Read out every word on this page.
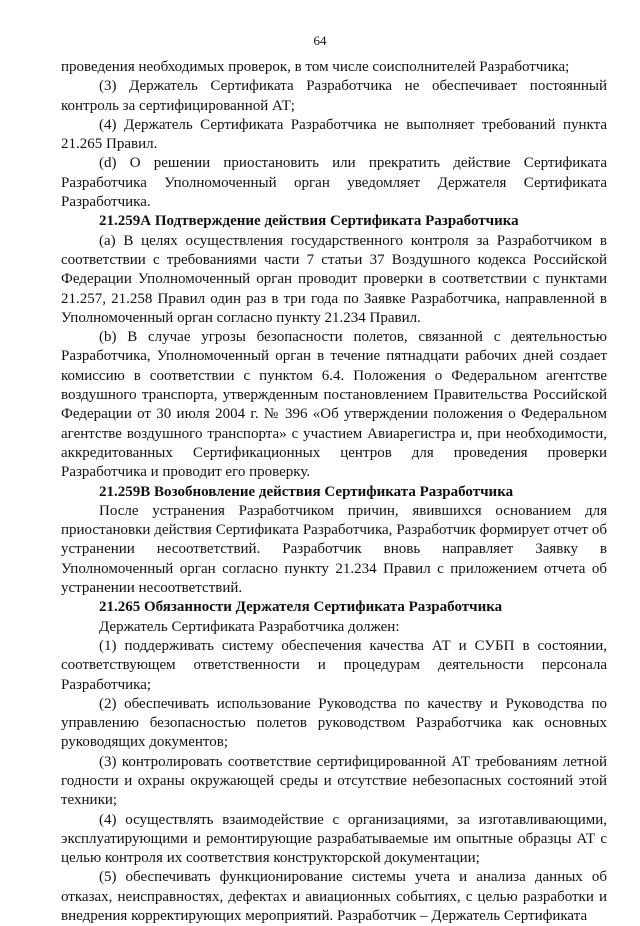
64

проведения необходимых проверок, в том числе соисполнителей Разработчика;

(3) Держатель Сертификата Разработчика не обеспечивает постоянный контроль за сертифицированной АТ;

(4) Держатель Сертификата Разработчика не выполняет требований пункта 21.265 Правил.

(d) О решении приостановить или прекратить действие Сертификата Разработчика Уполномоченный орган уведомляет Держателя Сертификата Разработчика.

21.259А Подтверждение действия Сертификата Разработчика

(a) В целях осуществления государственного контроля за Разработчиком в соответствии с требованиями части 7 статьи 37 Воздушного кодекса Российской Федерации Уполномоченный орган проводит проверки в соответствии с пунктами 21.257, 21.258 Правил один раз в три года по Заявке Разработчика, направленной в Уполномоченный орган согласно пункту 21.234 Правил.

(b) В случае угрозы безопасности полетов, связанной с деятельностью Разработчика, Уполномоченный орган в течение пятнадцати рабочих дней создает комиссию в соответствии с пунктом 6.4. Положения о Федеральном агентстве воздушного транспорта, утвержденным постановлением Правительства Российской Федерации от 30 июля 2004 г. № 396 «Об утверждении положения о Федеральном агентстве воздушного транспорта» с участием Авиарегистра и, при необходимости, аккредитованных Сертификационных центров для проведения проверки Разработчика и проводит его проверку.

21.259В Возобновление действия Сертификата Разработчика

После устранения Разработчиком причин, явившихся основанием для приостановки действия Сертификата Разработчика, Разработчик формирует отчет об устранении несоответствий. Разработчик вновь направляет Заявку в Уполномоченный орган согласно пункту 21.234 Правил с приложением отчета об устранении несоответствий.

21.265 Обязанности Держателя Сертификата Разработчика

Держатель Сертификата Разработчика должен:

(1) поддерживать систему обеспечения качества АТ и СУБП в состоянии, соответствующем ответственности и процедурам деятельности персонала Разработчика;

(2) обеспечивать использование Руководства по качеству и Руководства по управлению безопасностью полетов руководством Разработчика как основных руководящих документов;

(3) контролировать соответствие сертифицированной АТ требованиям летной годности и охраны окружающей среды и отсутствие небезопасных состояний этой техники;

(4) осуществлять взаимодействие с организациями, за изготавливающими, эксплуатирующими и ремонтирующие разрабатываемые им опытные образцы АТ с целью контроля их соответствия конструкторской документации;

(5) обеспечивать функционирование системы учета и анализа данных об отказах, неисправностях, дефектах и авиационных событиях, с целью разработки и внедрения корректирующих мероприятий. Разработчик – Держатель Сертификата
